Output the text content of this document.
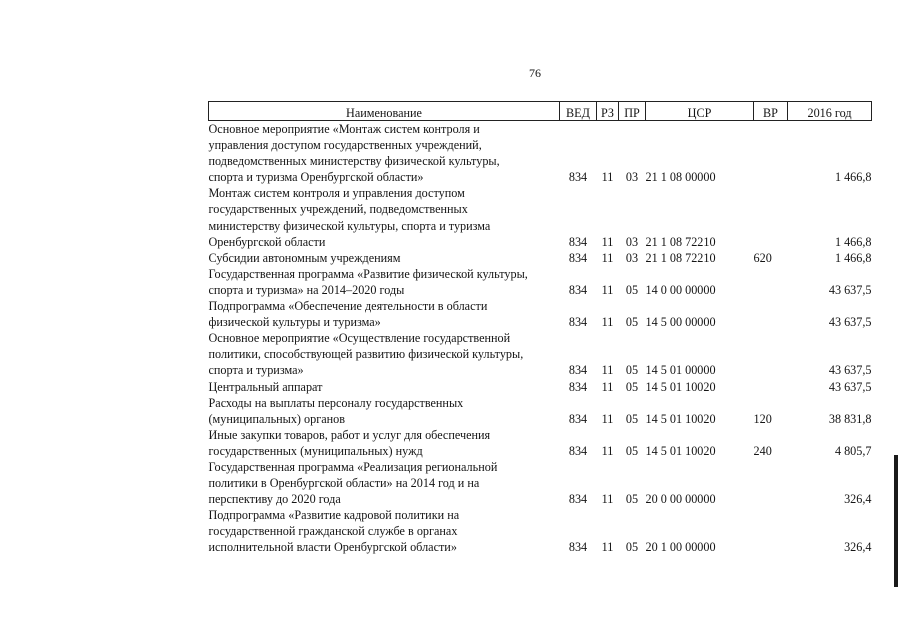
76
Наименование	ВЕД	РЗ	ПР	ЦСР	ВР	2016 год

Основное мероприятие «Монтаж систем контроля и
управления доступом государственных учреждений,
подведомственных министерству физической культуры,
спорта и туризма Оренбургской области»	834	11	03	21 1 08 00000		1 466,8

Монтаж систем контроля и управления доступом
государственных учреждений, подведомственных
министерству физической культуры, спорта и туризма
Оренбургской области	834	11	03	21 1 08 72210		1 466,8

Субсидии автономным учреждениям	834	11	03	21 1 08 72210	620	1 466,8

Государственная программа «Развитие физической культуры,
спорта и туризма» на 2014–2020 годы	834	11	05	14 0 00 00000		43 637,5

Подпрограмма «Обеспечение деятельности в области
физической культуры и туризма»	834	11	05	14 5 00 00000		43 637,5

Основное мероприятие «Осуществление государственной
политики, способствующей развитию физической культуры,
спорта и туризма»	834	11	05	14 5 01 00000		43 637,5

Центральный аппарат	834	11	05	14 5 01 10020		43 637,5

Расходы на выплаты персоналу государственных
(муниципальных) органов	834	11	05	14 5 01 10020	120	38 831,8

Иные закупки товаров, работ и услуг для обеспечения
государственных (муниципальных) нужд	834	11	05	14 5 01 10020	240	4 805,7

Государственная программа «Реализация региональной
политики в Оренбургской области» на 2014 год и на
перспективу до 2020 года	834	11	05	20 0 00 00000		326,4

Подпрограмма «Развитие кадровой политики на
государственной гражданской службе в органах
исполнительной власти Оренбургской области»	834	11	05	20 1 00 00000		326,4
